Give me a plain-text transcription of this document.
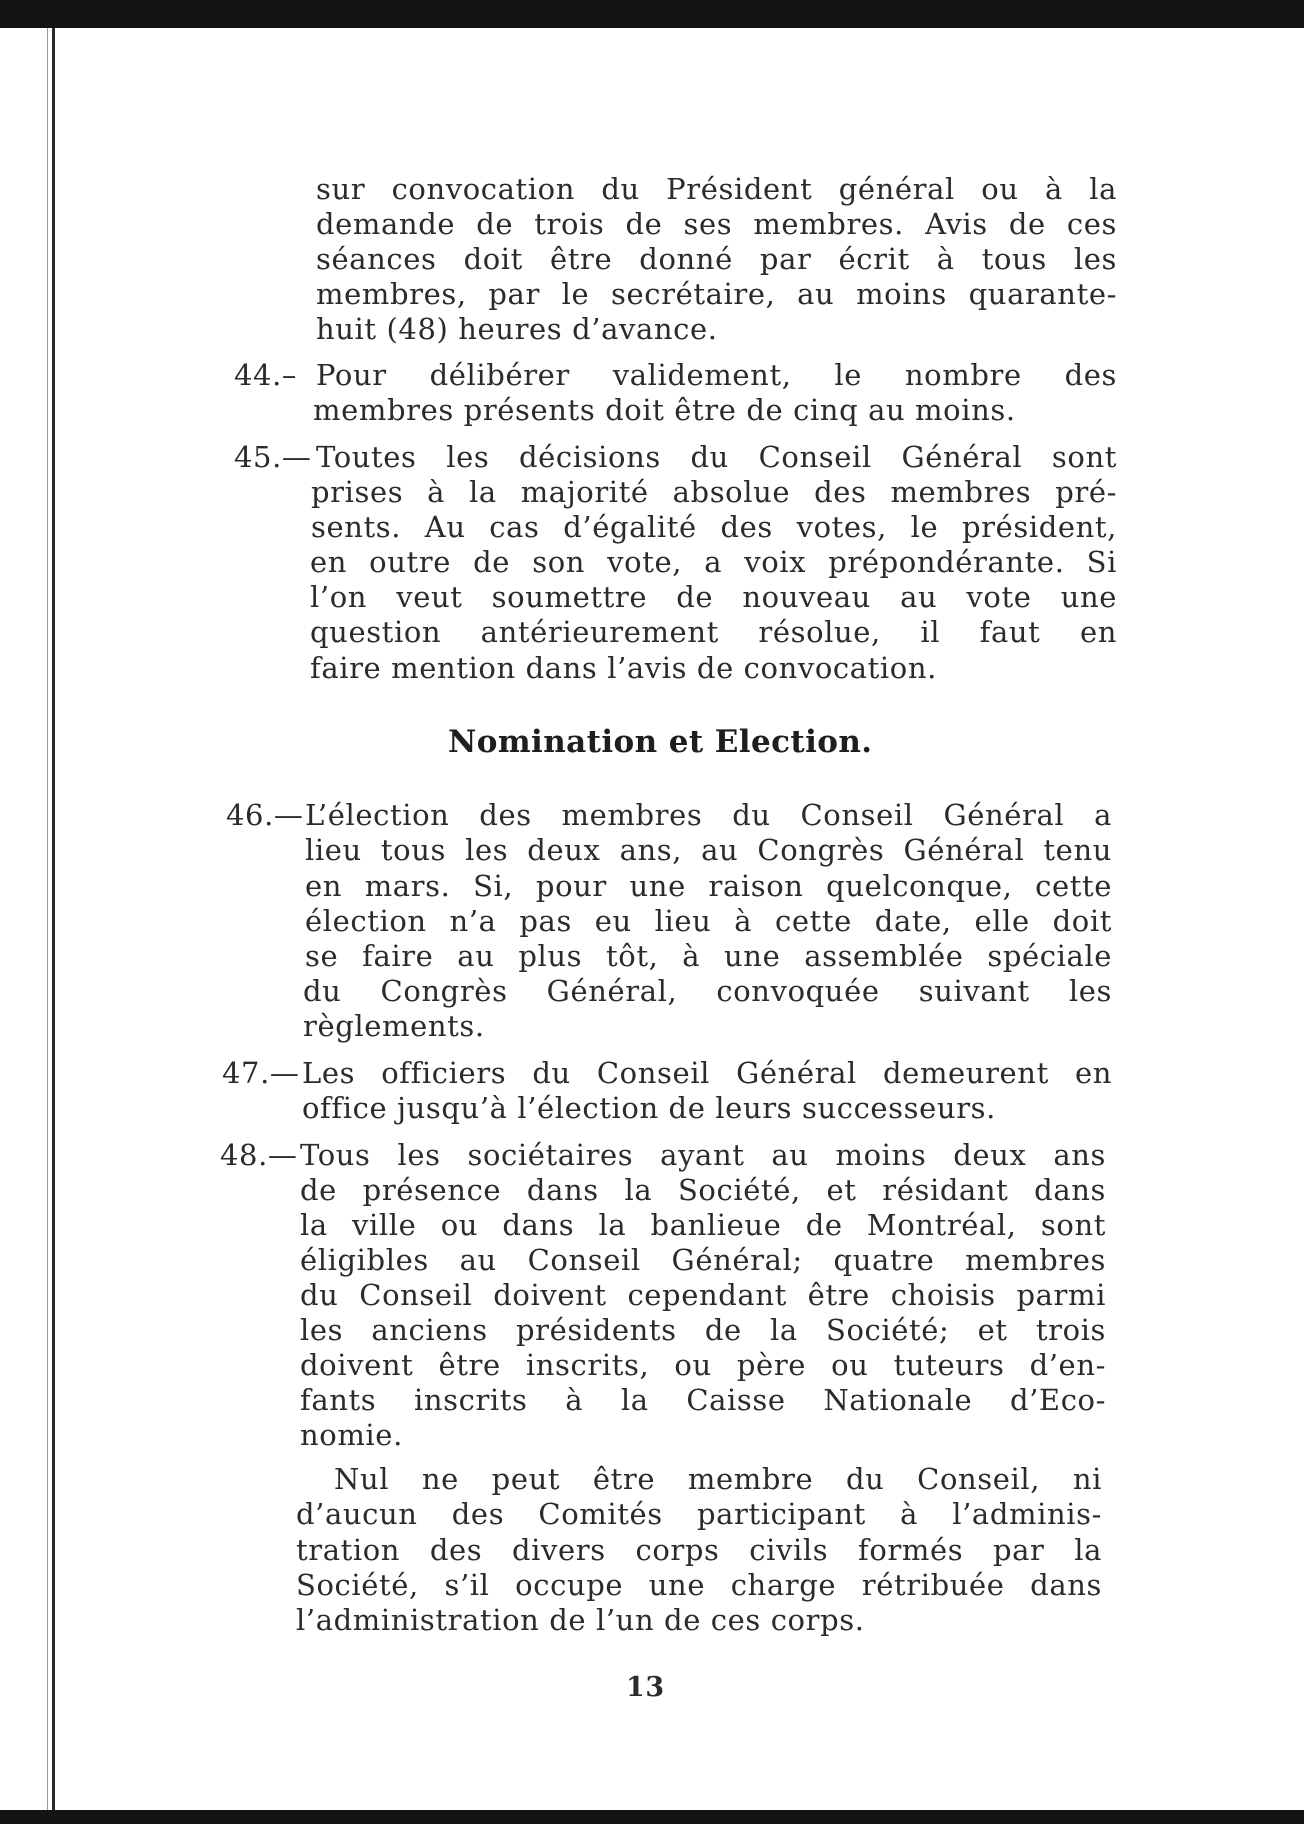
sur convocation du Président général ou à la
demande de trois de ses membres. Avis de ces
séances doit être donné par écrit à tous les
membres, par le secrétaire, au moins quarante-
huit (48) heures d’avance.
44.– Pour délibérer validement, le nombre des
membres présents doit être de cinq au moins.
45.— Toutes les décisions du Conseil Général sont
prises à la majorité absolue des membres pré-
sents. Au cas d’égalité des votes, le président,
en outre de son vote, a voix prépondérante. Si
l’on veut soumettre de nouveau au vote une
question antérieurement résolue, il faut en
faire mention dans l’avis de convocation.
Nomination et Election.
46.— L’élection des membres du Conseil Général a
lieu tous les deux ans, au Congrès Général tenu
en mars. Si, pour une raison quelconque, cette
élection n’a pas eu lieu à cette date, elle doit
se faire au plus tôt, à une assemblée spéciale
du Congrès Général, convoquée suivant les
règlements.
47.— Les officiers du Conseil Général demeurent en
office jusqu’à l’élection de leurs successeurs.
48.— Tous les sociétaires ayant au moins deux ans
de présence dans la Société, et résidant dans
la ville ou dans la banlieue de Montréal, sont
éligibles au Conseil Général; quatre membres
du Conseil doivent cependant être choisis parmi
les anciens présidents de la Société; et trois
doivent être inscrits, ou père ou tuteurs d’en-
fants inscrits à la Caisse Nationale d’Eco-
nomie.
Nul ne peut être membre du Conseil, ni
d’aucun des Comités participant à l’adminis-
tration des divers corps civils formés par la
Société, s’il occupe une charge rétribuée dans
l’administration de l’un de ces corps.
13
